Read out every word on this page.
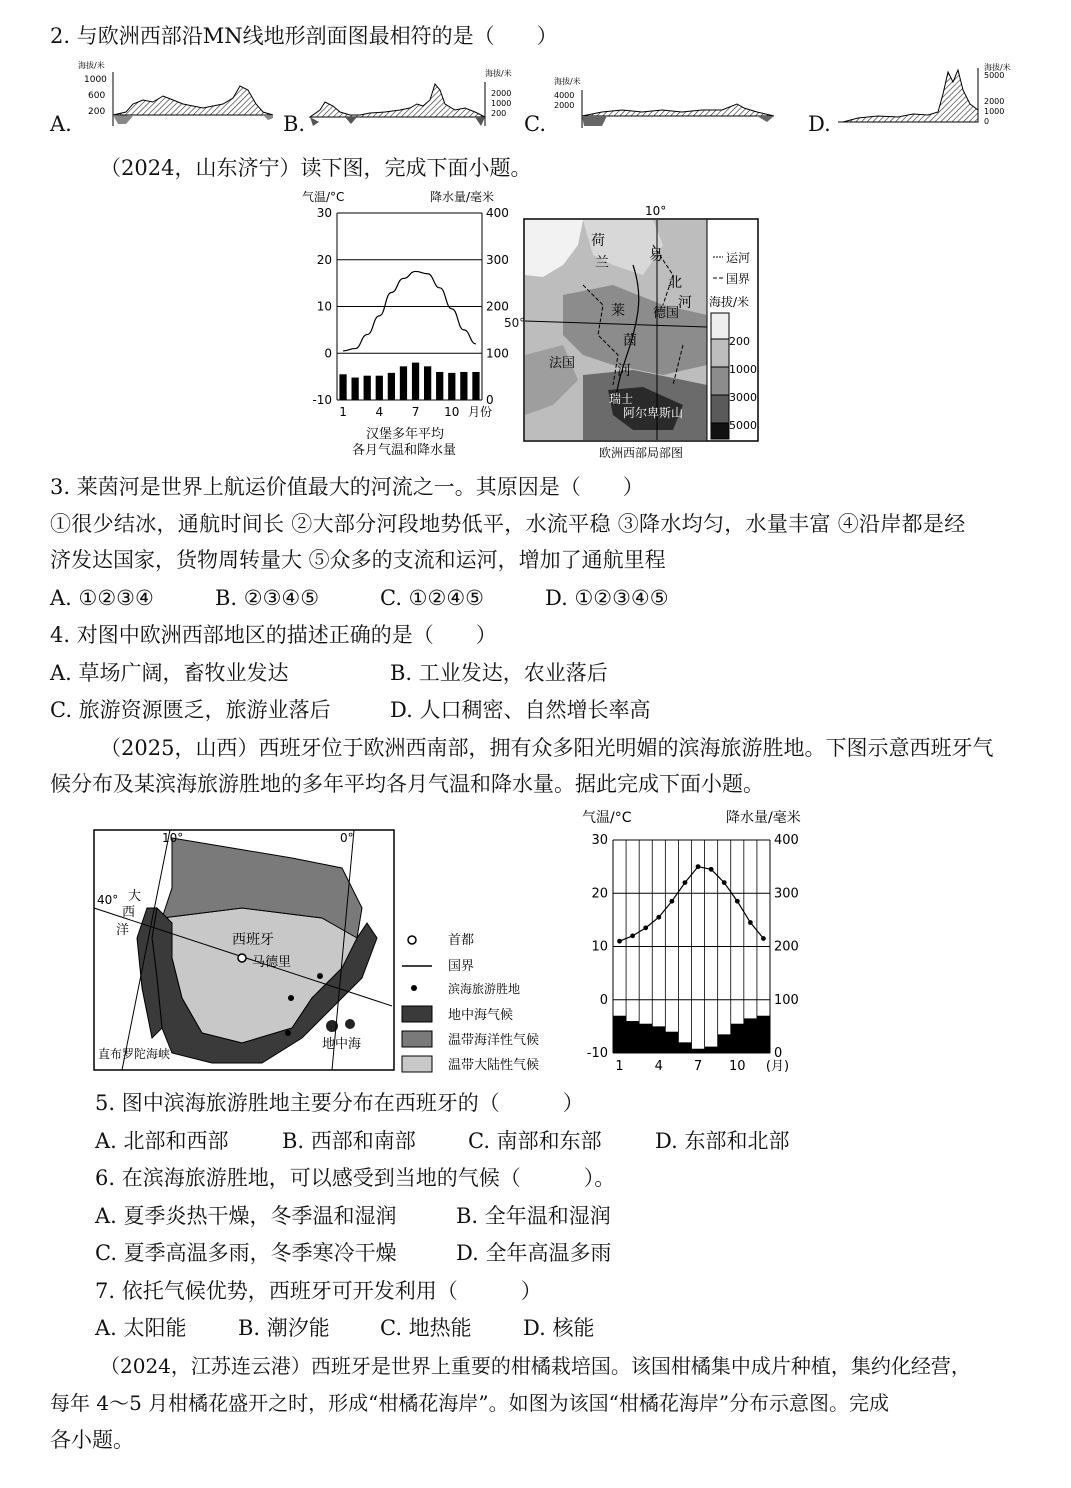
2. 与欧洲西部沿MN线地形剖面图最相符的是（　　）
A.
海拔/米
1000
600
200	B.
海拔/米
2000
1000
200 C.
海拔/米
4000
2000
D.
海拔/米
5000
2000
1000
0
（2024，山东济宁）读下图，完成下面小题。
气温/°C	降水量/毫米
30	400
20	300
10	200
0	100
-10	0
1 4 7 10 月份
汉堡多年平均
各月气温和降水量
运河
国界
海拔/米
200
1000
3000
5000
10°
荷
兰	易
北
河
德国
莱
茵
河
法国
瑞士
阿尔卑斯山
欧洲西部局部图
50°
3. 莱茵河是世界上航运价值最大的河流之一。其原因是（　　）
①很少结冰，通航时间长 ②大部分河段地势低平，水流平稳 ③降水均匀，水量丰富 ④沿岸都是经
济发达国家，货物周转量大 ⑤众多的支流和运河，增加了通航里程
A. ①②③④	B. ②③④⑤	C. ①②④⑤	D. ①②③④⑤
4. 对图中欧洲西部地区的描述正确的是（　　）
A. 草场广阔，畜牧业发达	B. 工业发达，农业落后
C. 旅游资源匮乏，旅游业落后	D. 人口稠密、自然增长率高
（2025，山西）西班牙位于欧洲西南部，拥有众多阳光明媚的滨海旅游胜地。下图示意西班牙气
候分布及某滨海旅游胜地的多年平均各月气温和降水量。据此完成下面小题。
10°	0°
40° 大
西
洋
西班牙
马德里
直布罗陀海峡
地中海
首都
国界
滨海旅游胜地
地中海气候
温带海洋性气候
温带大陆性气候
气温/°C	降水量/毫米
30	400
20	300
10	200
0	100
-10	0
1 4 7 10 (月)
5. 图中滨海旅游胜地主要分布在西班牙的（　　　）
A. 北部和西部	B. 西部和南部 C. 南部和东部	D. 东部和北部
6. 在滨海旅游胜地，可以感受到当地的气候（　　　）。
A. 夏季炎热干燥，冬季温和湿润	B. 全年温和湿润
C. 夏季高温多雨，冬季寒冷干燥	D. 全年高温多雨
7. 依托气候优势，西班牙可开发利用（　　　）
A. 太阳能 B. 潮汐能 C. 地热能 D. 核能
（2024，江苏连云港）西班牙是世界上重要的柑橘栽培国。该国柑橘集中成片种植，集约化经营，
每年 4～5 月柑橘花盛开之时，形成“柑橘花海岸”。如图为该国“柑橘花海岸”分布示意图。完成
各小题。
